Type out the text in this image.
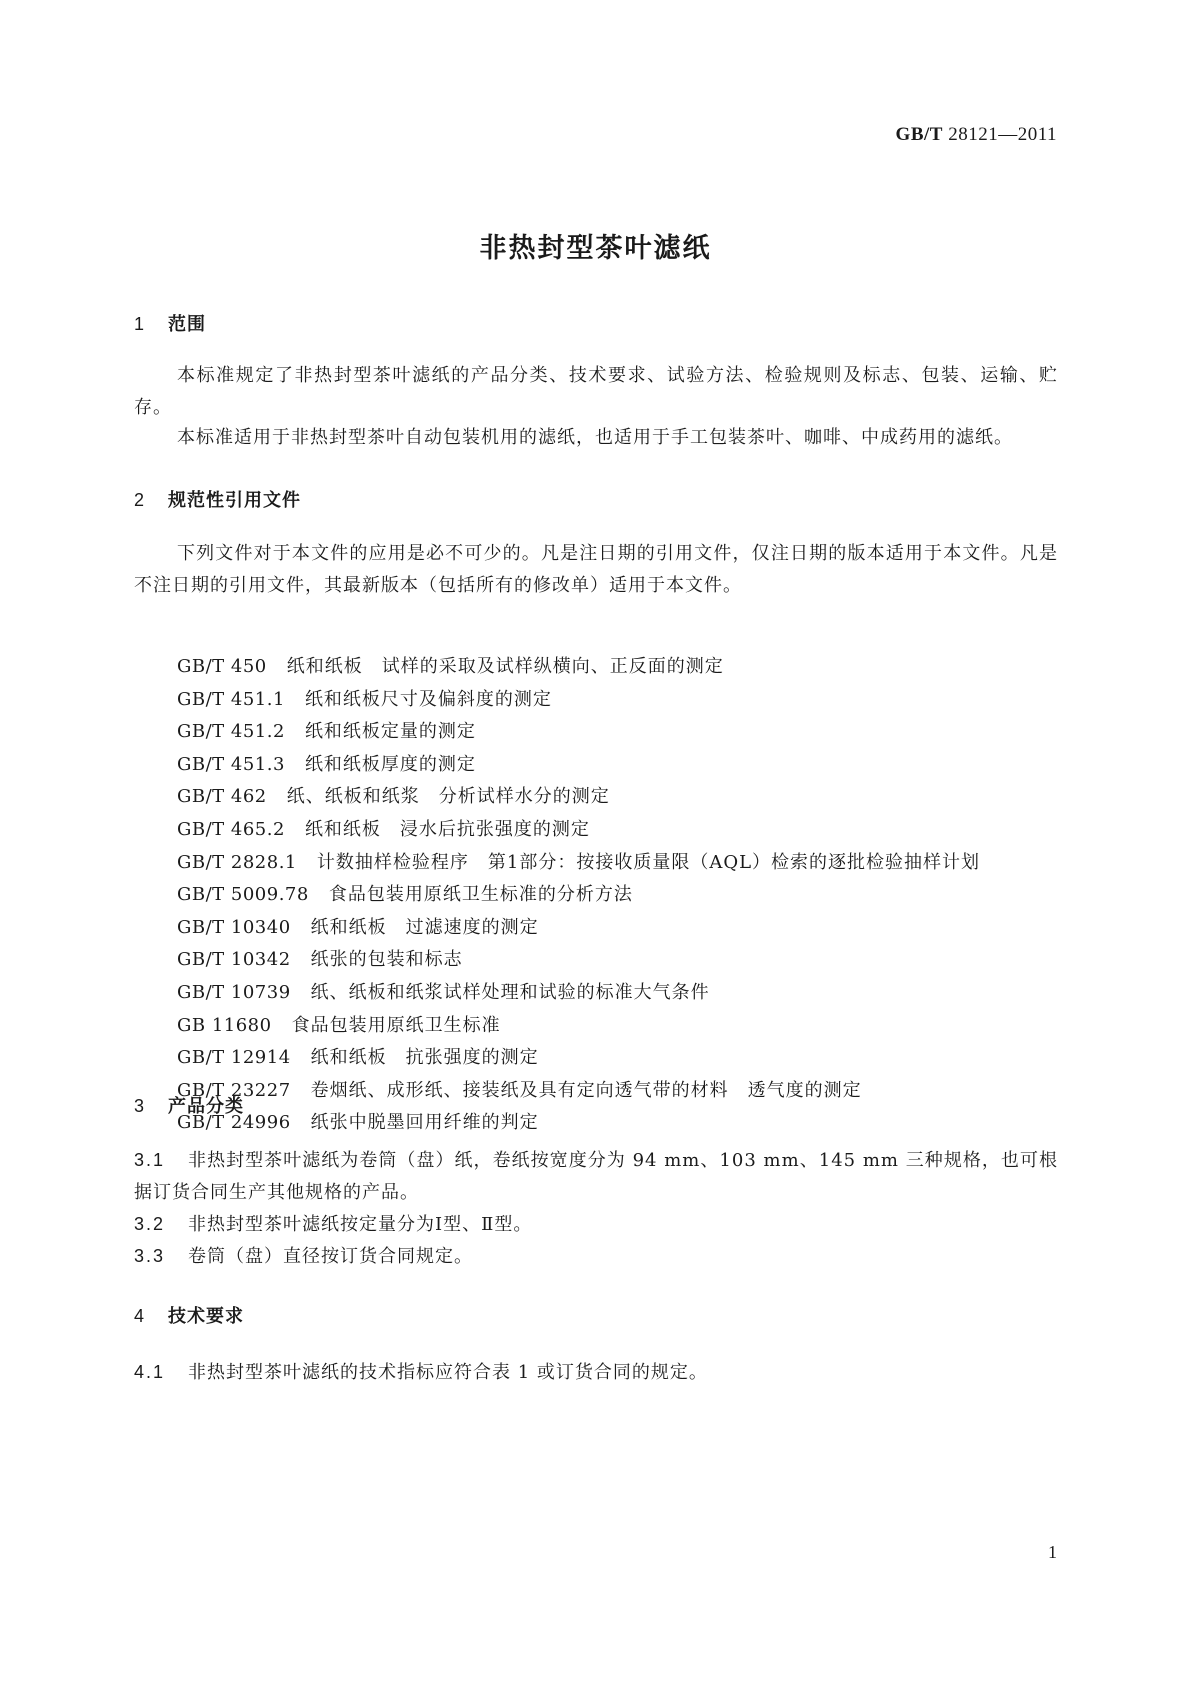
GB/T 28121—2011
非热封型茶叶滤纸
1 范围
本标准规定了非热封型茶叶滤纸的产品分类、技术要求、试验方法、检验规则及标志、包装、运输、贮存。
本标准适用于非热封型茶叶自动包装机用的滤纸，也适用于手工包装茶叶、咖啡、中成药用的滤纸。
2 规范性引用文件
下列文件对于本文件的应用是必不可少的。凡是注日期的引用文件，仅注日期的版本适用于本文件。凡是不注日期的引用文件，其最新版本（包括所有的修改单）适用于本文件。
GB/T 450 纸和纸板　试样的采取及试样纵横向、正反面的测定
GB/T 451.1 纸和纸板尺寸及偏斜度的测定
GB/T 451.2 纸和纸板定量的测定
GB/T 451.3 纸和纸板厚度的测定
GB/T 462 纸、纸板和纸浆　分析试样水分的测定
GB/T 465.2 纸和纸板　浸水后抗张强度的测定
GB/T 2828.1 计数抽样检验程序　第1部分：按接收质量限（AQL）检索的逐批检验抽样计划
GB/T 5009.78 食品包装用原纸卫生标准的分析方法
GB/T 10340 纸和纸板　过滤速度的测定
GB/T 10342 纸张的包装和标志
GB/T 10739 纸、纸板和纸浆试样处理和试验的标准大气条件
GB 11680 食品包装用原纸卫生标准
GB/T 12914 纸和纸板　抗张强度的测定
GB/T 23227 卷烟纸、成形纸、接装纸及具有定向透气带的材料　透气度的测定
GB/T 24996 纸张中脱墨回用纤维的判定
3 产品分类
3.1 非热封型茶叶滤纸为卷筒（盘）纸，卷纸按宽度分为 94 mm、103 mm、145 mm 三种规格，也可根据订货合同生产其他规格的产品。
3.2 非热封型茶叶滤纸按定量分为Ⅰ型、Ⅱ型。
3.3 卷筒（盘）直径按订货合同规定。
4 技术要求
4.1 非热封型茶叶滤纸的技术指标应符合表 1 或订货合同的规定。
1
